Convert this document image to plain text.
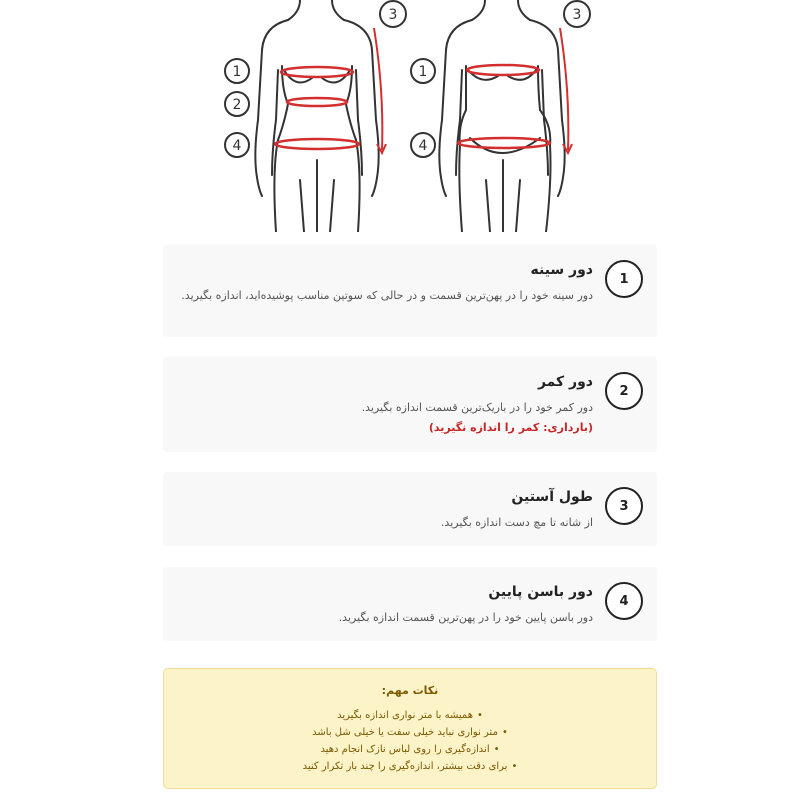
1
2
4
3
1
4
3
1
دور سینه

دور سینه خود را در پهن‌ترین قسمت و در حالی که سوتین مناسب پوشیده‌اید، اندازه بگیرید.

2
دور کمر

دور کمر خود را در باریک‌ترین قسمت اندازه بگیرید.

(بارداری: کمر را اندازه نگیرید)
3
طول آستین

از شانه تا مچ دست اندازه بگیرید.

4
دور باسن پایین

دور باسن پایین خود را در پهن‌ترین قسمت اندازه بگیرید.

نکات مهم:
•همیشه با متر نواری اندازه بگیرید
•متر نواری نباید خیلی سفت یا خیلی شل باشد
•اندازه‌گیری را روی لباس نازک انجام دهید
•برای دقت بیشتر، اندازه‌گیری را چند بار تکرار کنید
